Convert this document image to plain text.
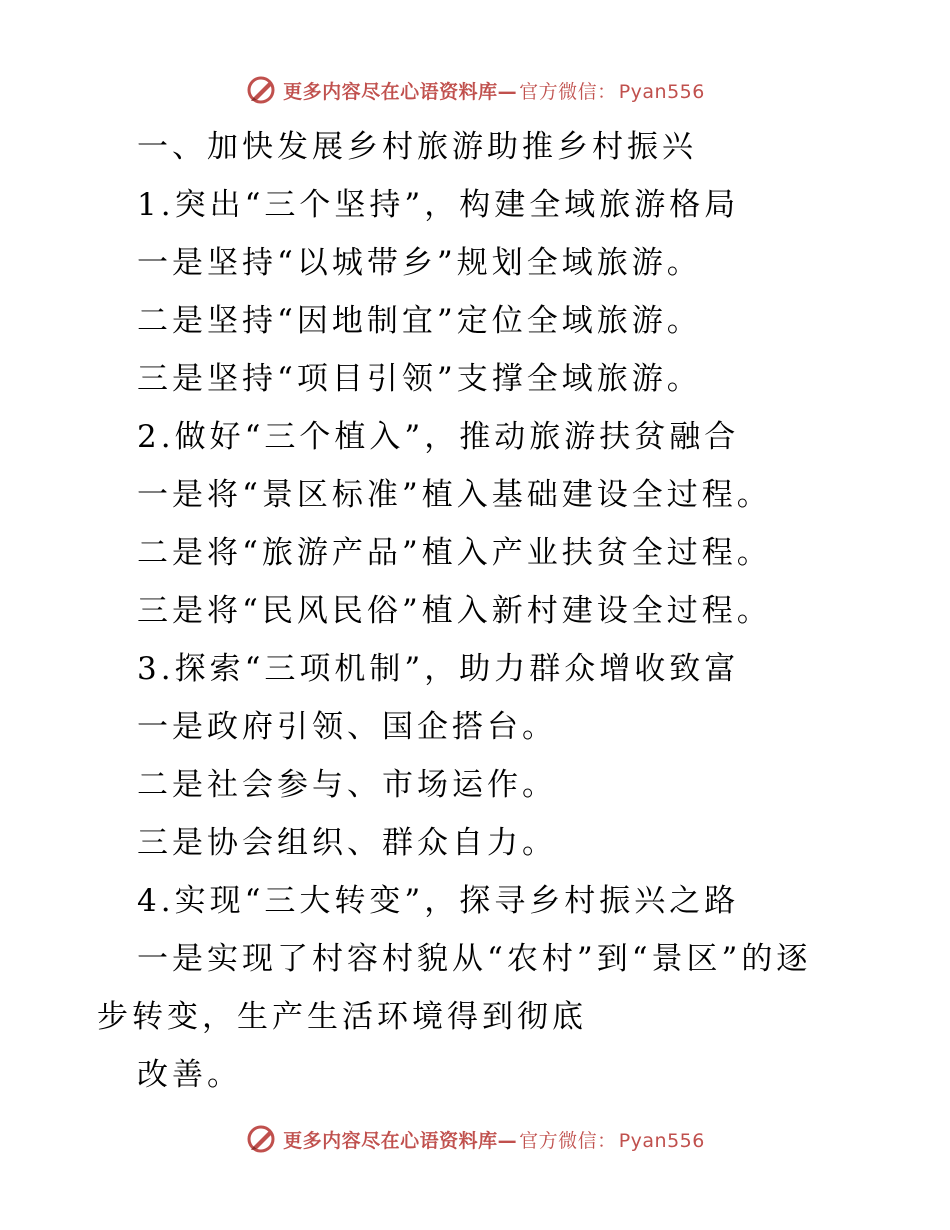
更多内容尽在心语资料库— 官方微信： Pyan556
一、加快发展乡村旅游助推乡村振兴
1.突出“三个坚持”，构建全域旅游格局
一是坚持“以城带乡”规划全域旅游。
二是坚持“因地制宜”定位全域旅游。
三是坚持“项目引领”支撑全域旅游。
2.做好“三个植入”，推动旅游扶贫融合
一是将“景区标准”植入基础建设全过程。
二是将“旅游产品”植入产业扶贫全过程。
三是将“民风民俗”植入新村建设全过程。
3.探索“三项机制”，助力群众增收致富
一是政府引领、国企搭台。
二是社会参与、市场运作。
三是协会组织、群众自力。
4.实现“三大转变”，探寻乡村振兴之路
一是实现了村容村貌从“农村”到“景区”的逐
步转变，生产生活环境得到彻底
改善。
更多内容尽在心语资料库— 官方微信： Pyan556
